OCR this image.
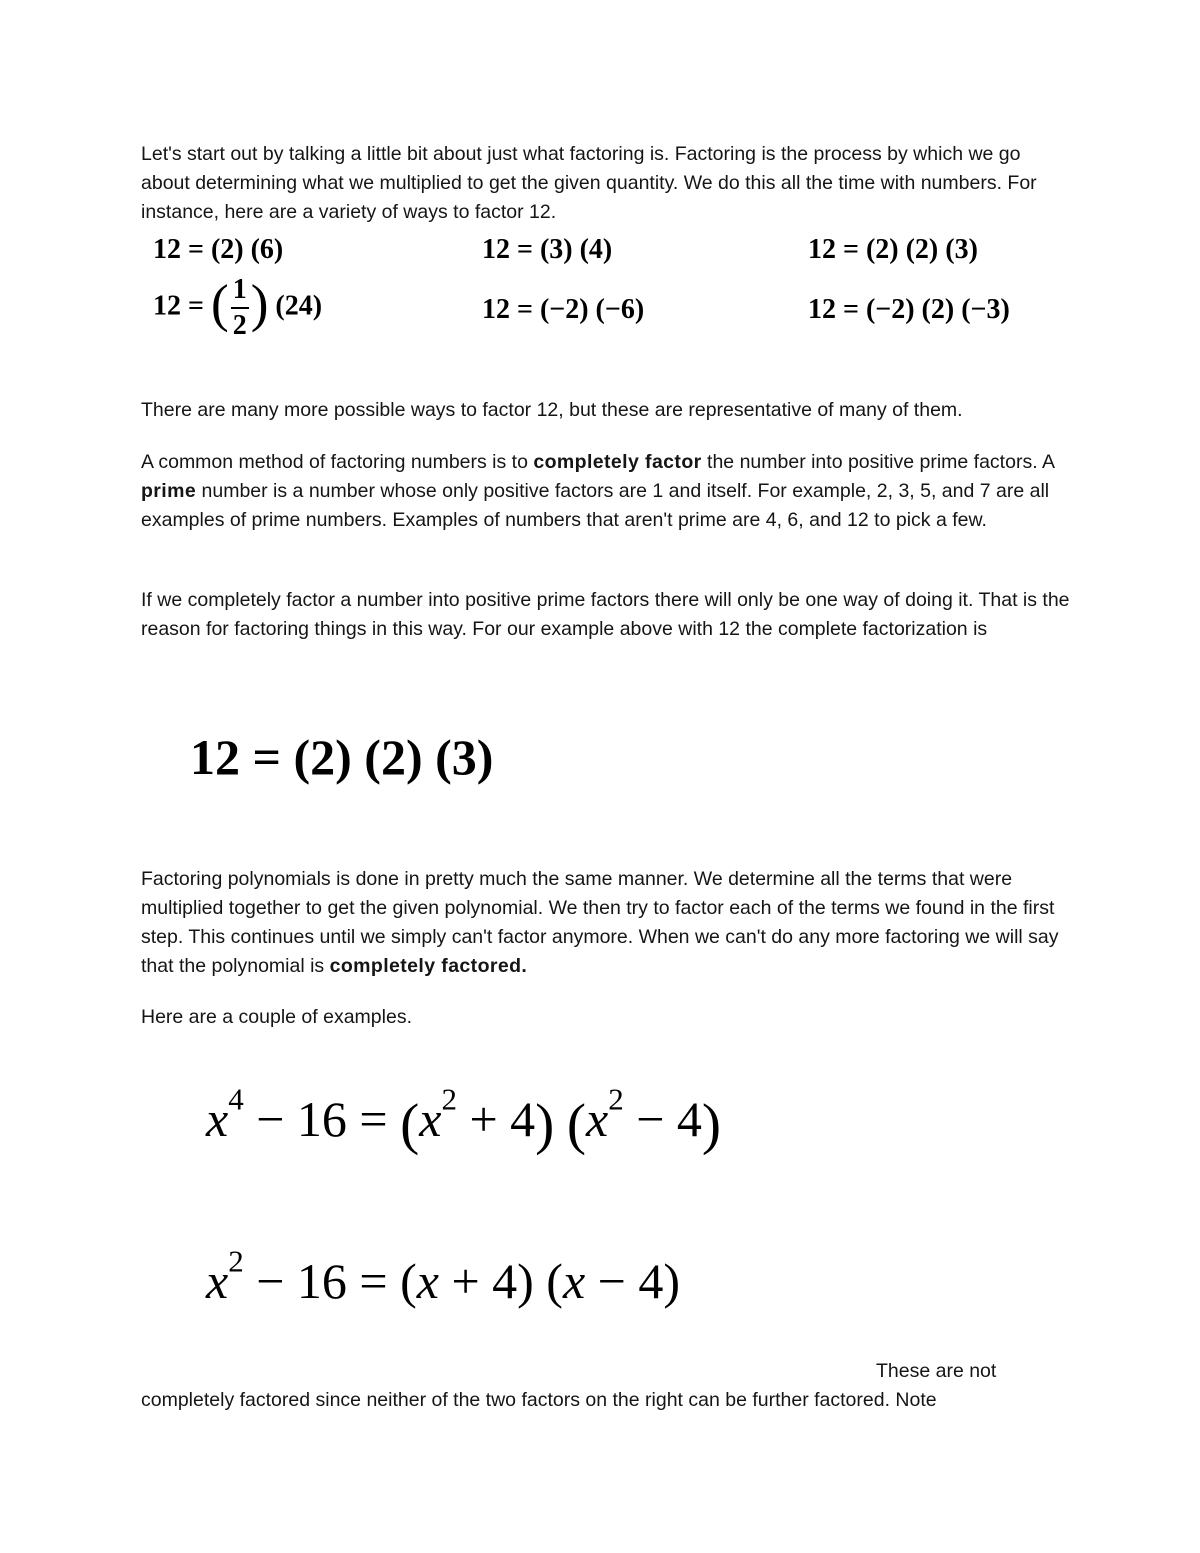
Let's start out by talking a little bit about just what factoring is. Factoring is the process by which we go about determining what we multiplied to get the given quantity. We do this all the time with numbers. For instance, here are a variety of ways to factor 12.

12 = (2) (6)	12 = (3) (4)	12 = (2) (2) (3)
12 = ( $\frac{1}{2}$ ) (24)	12 = (−2) (−6)	12 = (−2) (2) (−3)

There are many more possible ways to factor 12, but these are representative of many of them.

A common method of factoring numbers is to completely factor the number into positive prime factors. A prime number is a number whose only positive factors are 1 and itself. For example, 2, 3, 5, and 7 are all examples of prime numbers. Examples of numbers that aren't prime are 4, 6, and 12 to pick a few.

If we completely factor a number into positive prime factors there will only be one way of doing it. That is the reason for factoring things in this way. For our example above with 12 the complete factorization is

12 = (2) (2) (3)

Factoring polynomials is done in pretty much the same manner. We determine all the terms that were multiplied together to get the given polynomial. We then try to factor each of the terms we found in the first step. This continues until we simply can't factor anymore. When we can't do any more factoring we will say that the polynomial is completely factored.

Here are a couple of examples.

$x^4 - 16 = (x^2 + 4) (x^2 - 4)$
$x^2 - 16 = (x + 4) (x - 4)$
These are not
completely factored since neither of the two factors on the right can be further factored. Note
